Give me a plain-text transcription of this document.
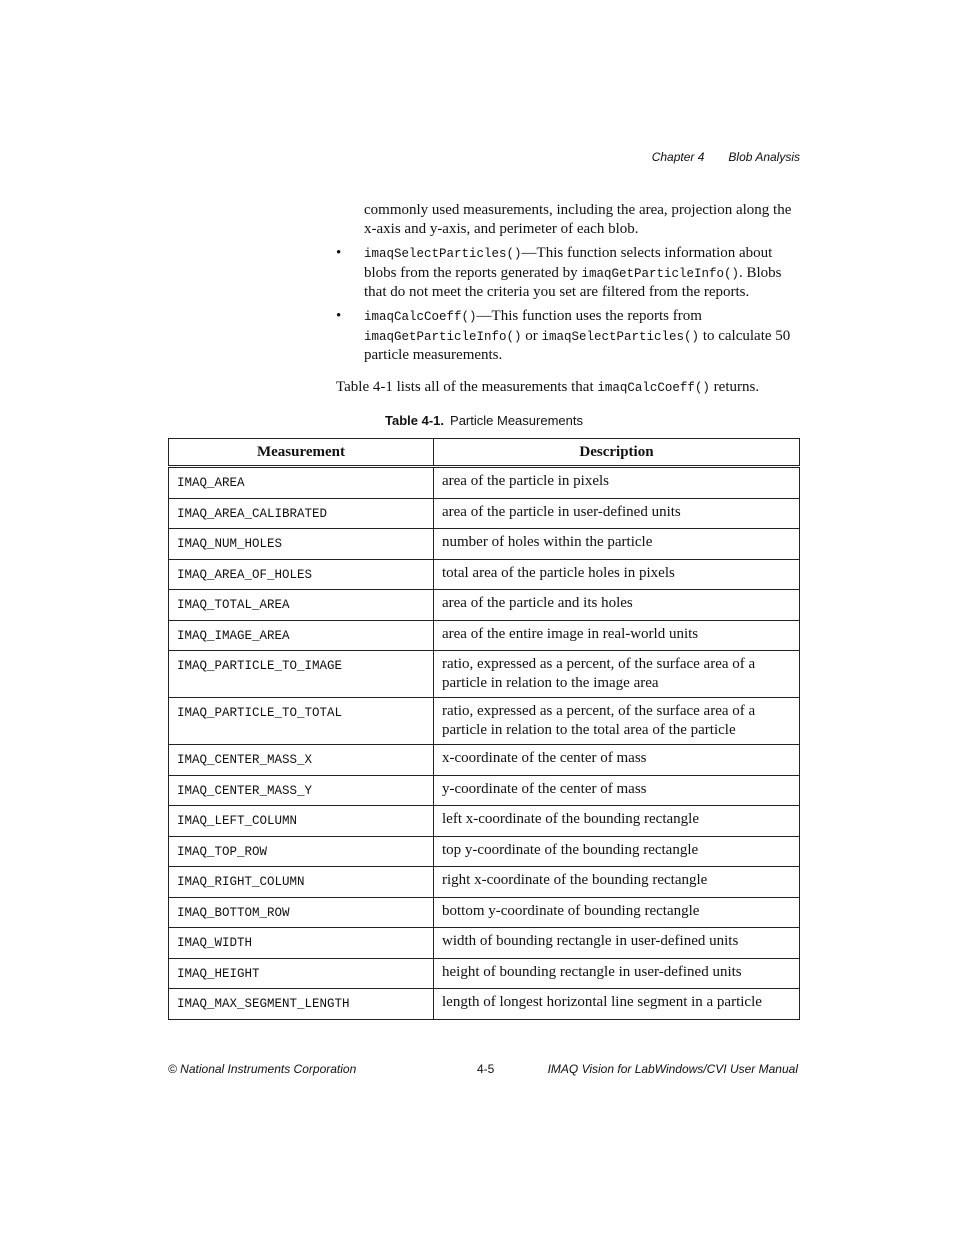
Chapter 4 Blob Analysis
commonly used measurements, including the area, projection along the x-axis and y-axis, and perimeter of each blob.
•	imaqSelectParticles()—This function selects information about blobs from the reports generated by imaqGetParticleInfo(). Blobs that do not meet the criteria you set are filtered from the reports.
•	imaqCalcCoeff()—This function uses the reports from imaqGetParticleInfo() or imaqSelectParticles() to calculate 50 particle measurements.
Table 4-1 lists all of the measurements that imaqCalcCoeff() returns.
Table 4-1. Particle Measurements
Measurement	Description
IMAQ_AREA	area of the particle in pixels
IMAQ_AREA_CALIBRATED	area of the particle in user-defined units
IMAQ_NUM_HOLES	number of holes within the particle
IMAQ_AREA_OF_HOLES	total area of the particle holes in pixels
IMAQ_TOTAL_AREA	area of the particle and its holes
IMAQ_IMAGE_AREA	area of the entire image in real-world units
IMAQ_PARTICLE_TO_IMAGE	ratio, expressed as a percent, of the surface area of a particle in relation to the image area
IMAQ_PARTICLE_TO_TOTAL	ratio, expressed as a percent, of the surface area of a particle in relation to the total area of the particle
IMAQ_CENTER_MASS_X	x-coordinate of the center of mass
IMAQ_CENTER_MASS_Y	y-coordinate of the center of mass
IMAQ_LEFT_COLUMN	left x-coordinate of the bounding rectangle
IMAQ_TOP_ROW	top y-coordinate of the bounding rectangle
IMAQ_RIGHT_COLUMN	right x-coordinate of the bounding rectangle
IMAQ_BOTTOM_ROW	bottom y-coordinate of bounding rectangle
IMAQ_WIDTH	width of bounding rectangle in user-defined units
IMAQ_HEIGHT	height of bounding rectangle in user-defined units
IMAQ_MAX_SEGMENT_LENGTH	length of longest horizontal line segment in a particle
© National Instruments Corporation	4-5	IMAQ Vision for LabWindows/CVI User Manual
